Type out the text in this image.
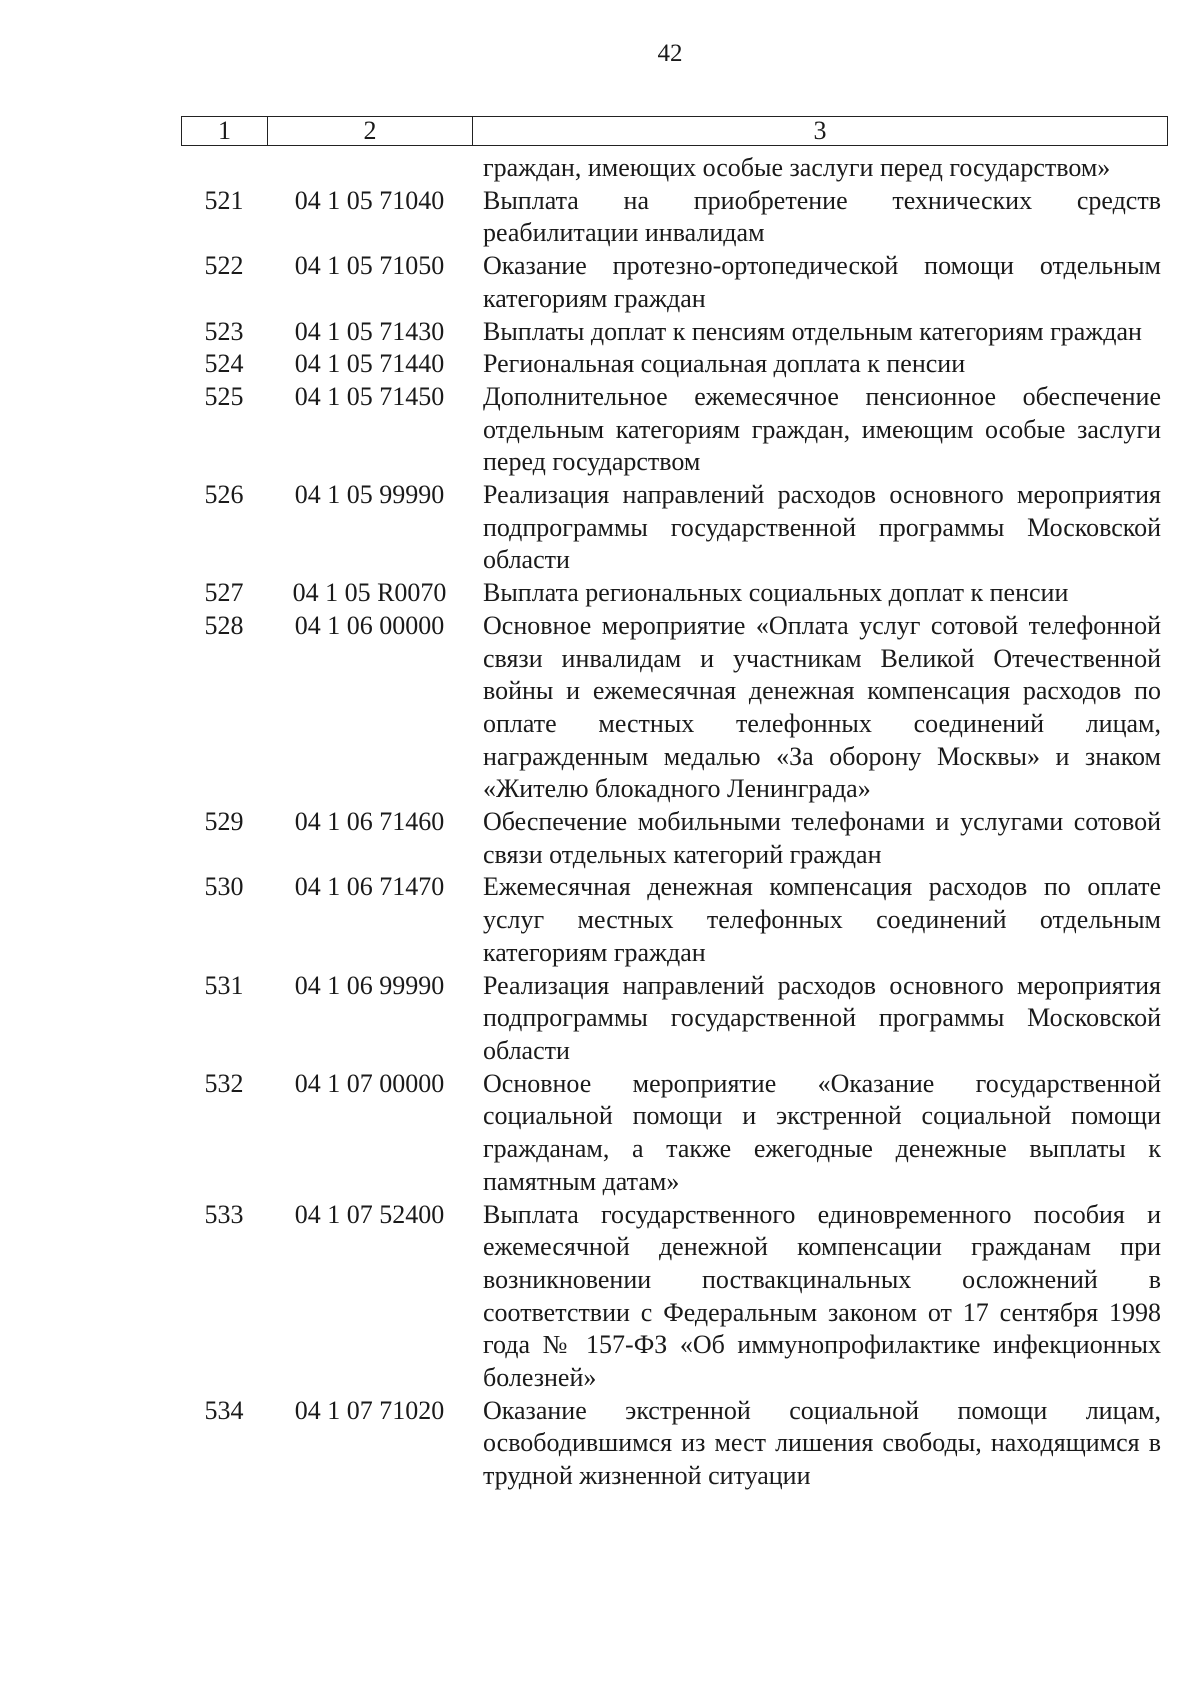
42
1	2	3
граждан, имеющих особые заслуги перед государством»
521	04 1 05 71040	Выплата на приобретение технических средств реабилитации инвалидам
522	04 1 05 71050	Оказание протезно-ортопедической помощи отдельным категориям граждан
523	04 1 05 71430	Выплаты доплат к пенсиям отдельным категориям граждан
524	04 1 05 71440	Региональная социальная доплата к пенсии
525	04 1 05 71450	Дополнительное ежемесячное пенсионное обеспечение отдельным категориям граждан, имеющим особые заслуги перед государством
526	04 1 05 99990	Реализация направлений расходов основного мероприятия подпрограммы государственной программы Московской области
527	04 1 05 R0070	Выплата региональных социальных доплат к пенсии
528	04 1 06 00000	Основное мероприятие «Оплата услуг сотовой телефонной связи инвалидам и участникам Великой Отечественной войны и ежемесячная денежная компенсация расходов по оплате местных телефонных соединений лицам, награжденным медалью «За оборону Москвы» и знаком «Жителю блокадного Ленинграда»
529	04 1 06 71460	Обеспечение мобильными телефонами и услугами сотовой связи отдельных категорий граждан
530	04 1 06 71470	Ежемесячная денежная компенсация расходов по оплате услуг местных телефонных соединений отдельным категориям граждан
531	04 1 06 99990	Реализация направлений расходов основного мероприятия подпрограммы государственной программы Московской области
532	04 1 07 00000	Основное мероприятие «Оказание государственной социальной помощи и экстренной социальной помощи гражданам, а также ежегодные денежные выплаты к памятным датам»
533	04 1 07 52400	Выплата государственного единовременного пособия и ежемесячной денежной компенсации гражданам при возникновении поствакцинальных осложнений в соответствии с Федеральным законом от 17 сентября 1998 года № 157-ФЗ «Об иммунопрофилактике инфекционных болезней»
534	04 1 07 71020	Оказание экстренной социальной помощи лицам, освободившимся из мест лишения свободы, находящимся в трудной жизненной ситуации
